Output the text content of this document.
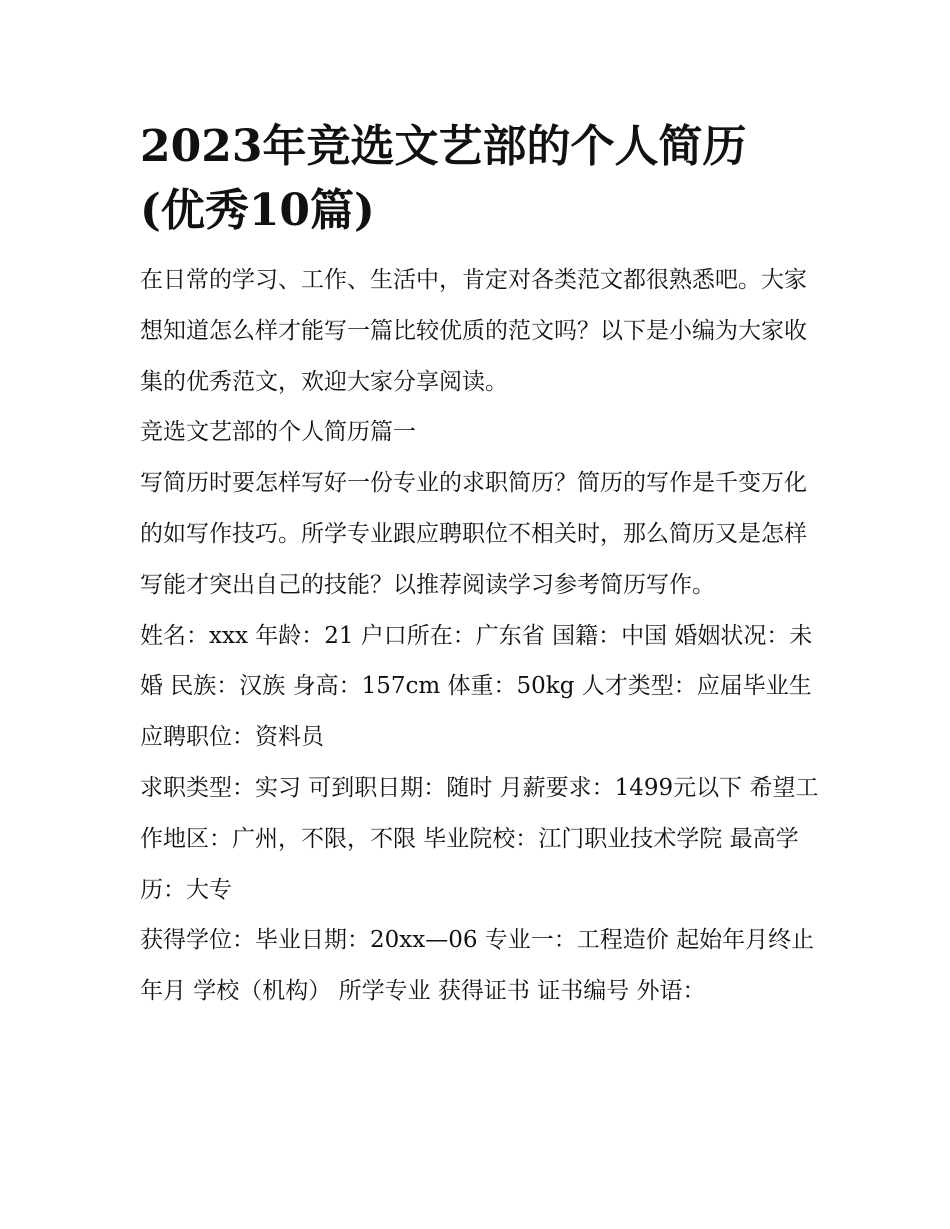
2023年竞选文艺部的个人简历
(优秀10篇)

在日常的学习、工作、生活中，肯定对各类范文都很熟悉吧。大家想知道怎么样才能写一篇比较优质的范文吗？以下是小编为大家收集的优秀范文，欢迎大家分享阅读。

竞选文艺部的个人简历篇一

写简历时要怎样写好一份专业的求职简历？简历的写作是千变万化的如写作技巧。所学专业跟应聘职位不相关时，那么简历又是怎样写能才突出自己的技能？以推荐阅读学习参考简历写作。

姓名：xxx 年龄：21 户口所在：广东省 国籍：中国 婚姻状况：未婚 民族：汉族 身高：157cm 体重：50kg 人才类型：应届毕业生 应聘职位：资料员

求职类型：实习 可到职日期：随时 月薪要求：1499元以下 希望工作地区：广州，不限，不限 毕业院校：江门职业技术学院 最高学历：大专

获得学位：毕业日期：20xx—06 专业一：工程造价 起始年月终止年月 学校（机构） 所学专业 获得证书 证书编号 外语：
